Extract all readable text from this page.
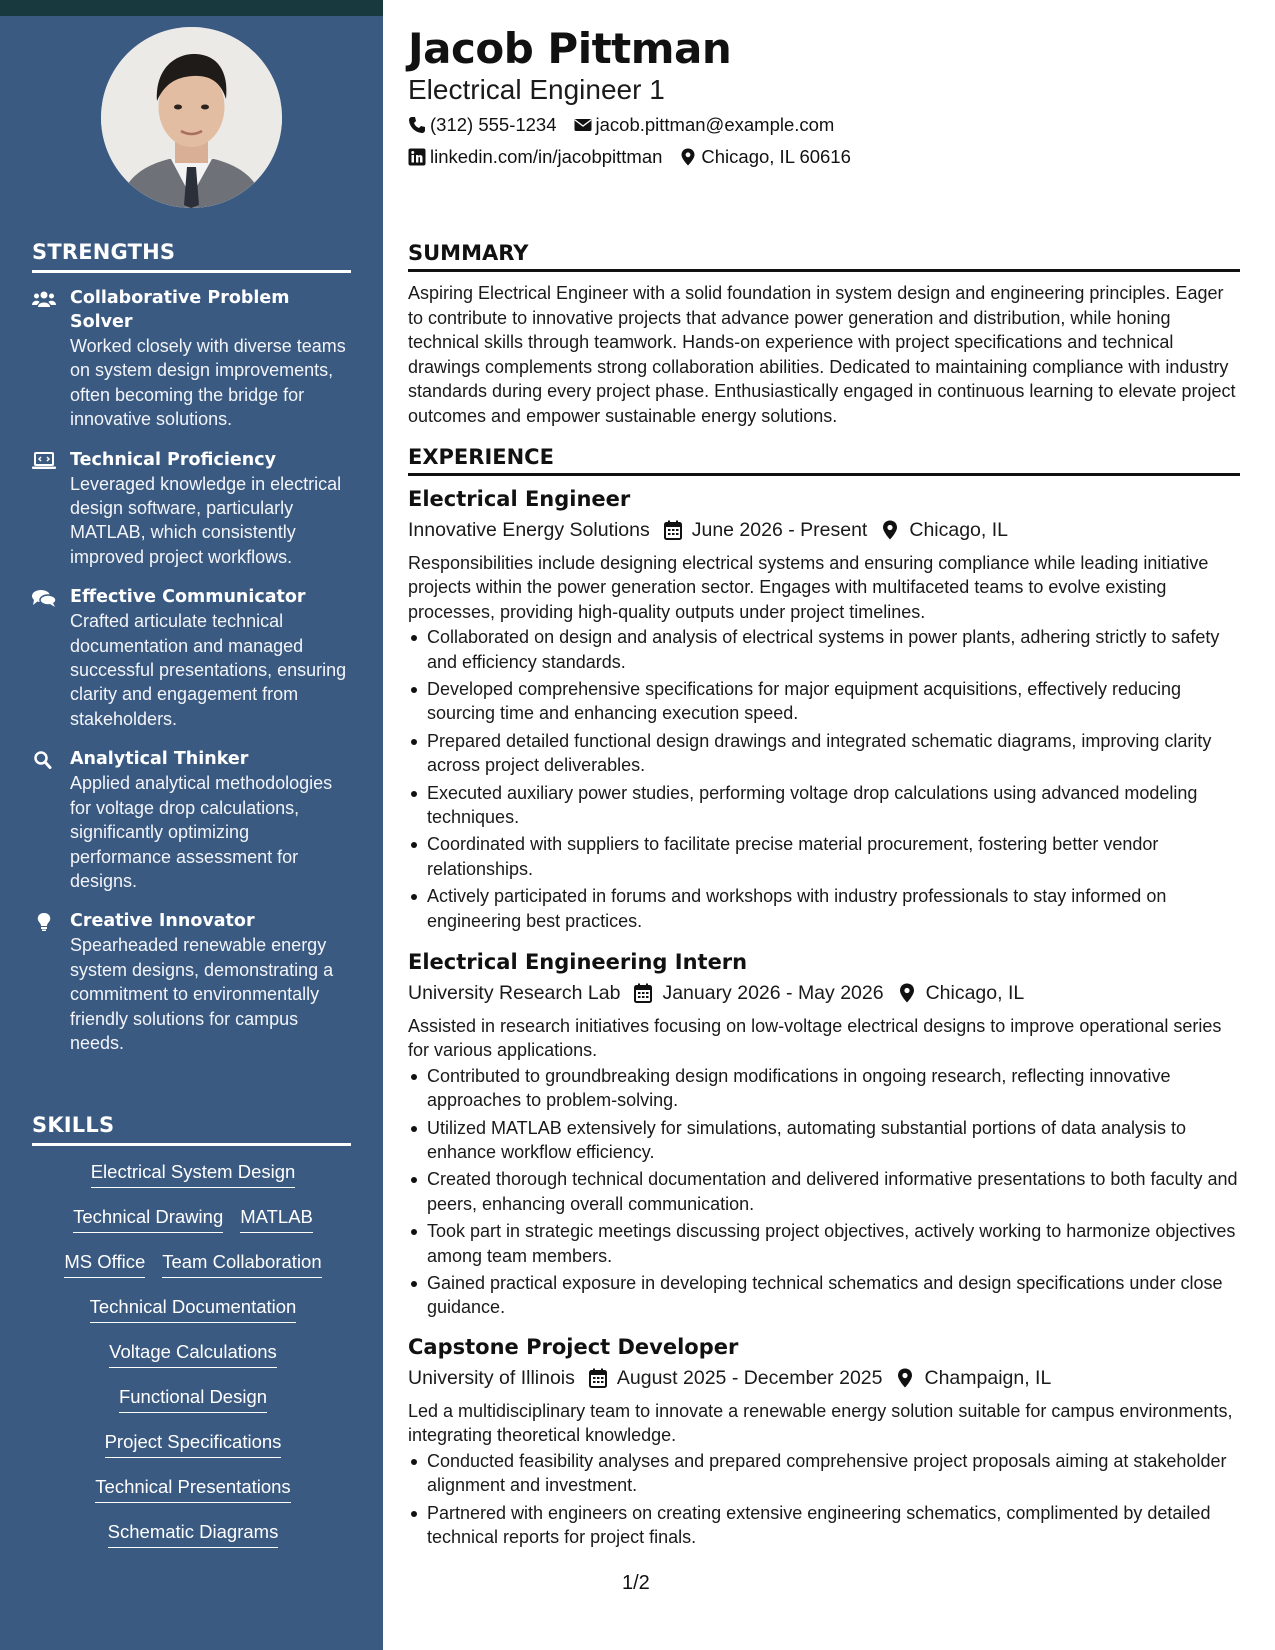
STRENGTHS
Collaborative Problem Solver
Worked closely with diverse teams on system design improvements, often becoming the bridge for innovative solutions.
Technical Proficiency
Leveraged knowledge in electrical design software, particularly MATLAB, which consistently improved project workflows.
Effective Communicator
Crafted articulate technical documentation and managed successful presentations, ensuring clarity and engagement from stakeholders.
Analytical Thinker
Applied analytical methodologies for voltage drop calculations, significantly optimizing performance assessment for designs.
Creative Innovator
Spearheaded renewable energy system designs, demonstrating a commitment to environmentally friendly solutions for campus needs.
SKILLS
Electrical System Design
Technical Drawing MATLAB
MS Office Team Collaboration
Technical Documentation
Voltage Calculations
Functional Design
Project Specifications
Technical Presentations
Schematic Diagrams
Jacob Pittman
Electrical Engineer 1
(312) 555-1234 jacob.pittman@example.com
linkedin.com/in/jacobpittman Chicago, IL 60616
SUMMARY
Aspiring Electrical Engineer with a solid foundation in system design and engineering principles. Eager to contribute to innovative projects that advance power generation and distribution, while honing technical skills through teamwork. Hands-on experience with project specifications and technical drawings complements strong collaboration abilities. Dedicated to maintaining compliance with industry standards during every project phase. Enthusiastically engaged in continuous learning to elevate project outcomes and empower sustainable energy solutions.
EXPERIENCE
Electrical Engineer
Innovative Energy Solutions June 2026 - Present Chicago, IL
Responsibilities include designing electrical systems and ensuring compliance while leading initiative projects within the power generation sector. Engages with multifaceted teams to evolve existing processes, providing high-quality outputs under project timelines.
Collaborated on design and analysis of electrical systems in power plants, adhering strictly to safety and efficiency standards.
Developed comprehensive specifications for major equipment acquisitions, effectively reducing sourcing time and enhancing execution speed.
Prepared detailed functional design drawings and integrated schematic diagrams, improving clarity across project deliverables.
Executed auxiliary power studies, performing voltage drop calculations using advanced modeling techniques.
Coordinated with suppliers to facilitate precise material procurement, fostering better vendor relationships.
Actively participated in forums and workshops with industry professionals to stay informed on engineering best practices.
Electrical Engineering Intern
University Research Lab January 2026 - May 2026 Chicago, IL
Assisted in research initiatives focusing on low-voltage electrical designs to improve operational series for various applications.
Contributed to groundbreaking design modifications in ongoing research, reflecting innovative approaches to problem-solving.
Utilized MATLAB extensively for simulations, automating substantial portions of data analysis to enhance workflow efficiency.
Created thorough technical documentation and delivered informative presentations to both faculty and peers, enhancing overall communication.
Took part in strategic meetings discussing project objectives, actively working to harmonize objectives among team members.
Gained practical exposure in developing technical schematics and design specifications under close guidance.
Capstone Project Developer
University of Illinois August 2025 - December 2025 Champaign, IL
Led a multidisciplinary team to innovate a renewable energy solution suitable for campus environments, integrating theoretical knowledge.
Conducted feasibility analyses and prepared comprehensive project proposals aiming at stakeholder alignment and investment.
Partnered with engineers on creating extensive engineering schematics, complimented by detailed technical reports for project finals.
1/2
